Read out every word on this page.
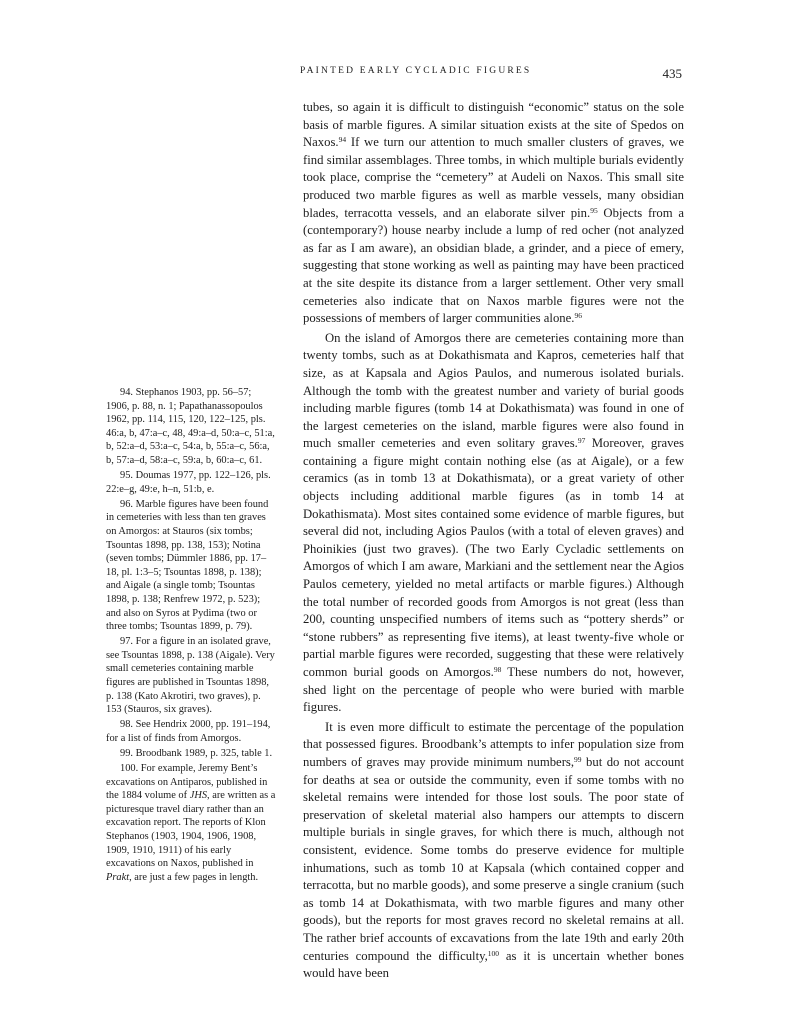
PAINTED EARLY CYCLADIC FIGURES	435

tubes, so again it is difficult to distinguish “economic” status on the sole basis of marble figures. A similar situation exists at the site of Spedos on Naxos.$^{94}$ If we turn our attention to much smaller clusters of graves, we find similar assemblages. Three tombs, in which multiple burials evidently took place, comprise the “cemetery” at Audeli on Naxos. This small site produced two marble figures as well as marble vessels, many obsidian blades, terracotta vessels, and an elaborate silver pin.$^{95}$ Objects from a (contemporary?) house nearby include a lump of red ocher (not analyzed as far as I am aware), an obsidian blade, a grinder, and a piece of emery, suggesting that stone working as well as painting may have been practiced at the site despite its distance from a larger settlement. Other very small cemeteries also indicate that on Naxos marble figures were not the possessions of members of larger communities alone.$^{96}$

On the island of Amorgos there are cemeteries containing more than twenty tombs, such as at Dokathismata and Kapros, cemeteries half that size, as at Kapsala and Agios Paulos, and numerous isolated burials. Although the tomb with the greatest number and variety of burial goods including marble figures (tomb 14 at Dokathismata) was found in one of the largest cemeteries on the island, marble figures were also found in much smaller cemeteries and even solitary graves.$^{97}$ Moreover, graves containing a figure might contain nothing else (as at Aigale), or a few ceramics (as in tomb 13 at Dokathismata), or a great variety of other objects including additional marble figures (as in tomb 14 at Dokathismata). Most sites contained some evidence of marble figures, but several did not, including Agios Paulos (with a total of eleven graves) and Phoinikies (just two graves). (The two Early Cycladic settlements on Amorgos of which I am aware, Markiani and the settlement near the Agios Paulos cemetery, yielded no metal artifacts or marble figures.) Although the total number of recorded goods from Amorgos is not great (less than 200, counting unspecified numbers of items such as “pottery sherds” or “stone rubbers” as representing five items), at least twenty-five whole or partial marble figures were recorded, suggesting that these were relatively common burial goods on Amorgos.$^{98}$ These numbers do not, however, shed light on the percentage of people who were buried with marble figures.

It is even more difficult to estimate the percentage of the population that possessed figures. Broodbank’s attempts to infer population size from numbers of graves may provide minimum numbers,$^{99}$ but do not account for deaths at sea or outside the community, even if some tombs with no skeletal remains were intended for those lost souls. The poor state of preservation of skeletal material also hampers our attempts to discern multiple burials in single graves, for which there is much, although not consistent, evidence. Some tombs do preserve evidence for multiple inhumations, such as tomb 10 at Kapsala (which contained copper and terracotta, but no marble goods), and some preserve a single cranium (such as tomb 14 at Dokathismata, with two marble figures and many other goods), but the reports for most graves record no skeletal remains at all. The rather brief accounts of excavations from the late 19th and early 20th centuries compound the difficulty,$^{100}$ as it is uncertain whether bones would have been

94. Stephanos 1903, pp. 56–57; 1906, p. 88, n. 1; Papathanassopoulos 1962, pp. 114, 115, 120, 122–125, pls. 46:a, b, 47:a–c, 48, 49:a–d, 50:a–c, 51:a, b, 52:a–d, 53:a–c, 54:a, b, 55:a–c, 56:a, b, 57:a–d, 58:a–c, 59:a, b, 60:a–c, 61.

95. Doumas 1977, pp. 122–126, pls. 22:e–g, 49:e, h–n, 51:b, e.

96. Marble figures have been found in cemeteries with less than ten graves on Amorgos: at Stauros (six tombs; Tsountas 1898, pp. 138, 153); Notina (seven tombs; Dümmler 1886, pp. 17–18, pl. 1:3–5; Tsountas 1898, p. 138); and Aigale (a single tomb; Tsountas 1898, p. 138; Renfrew 1972, p. 523); and also on Syros at Pydima (two or three tombs; Tsountas 1899, p. 79).

97. For a figure in an isolated grave, see Tsountas 1898, p. 138 (Aigale). Very small cemeteries containing marble figures are published in Tsountas 1898, p. 138 (Kato Akrotiri, two graves), p. 153 (Stauros, six graves).

98. See Hendrix 2000, pp. 191–194, for a list of finds from Amorgos.

99. Broodbank 1989, p. 325, table 1.

100. For example, Jeremy Bent’s excavations on Antiparos, published in the 1884 volume of JHS, are written as a picturesque travel diary rather than an excavation report. The reports of Klon Stephanos (1903, 1904, 1906, 1908, 1909, 1910, 1911) of his early excavations on Naxos, published in Prakt, are just a few pages in length.
